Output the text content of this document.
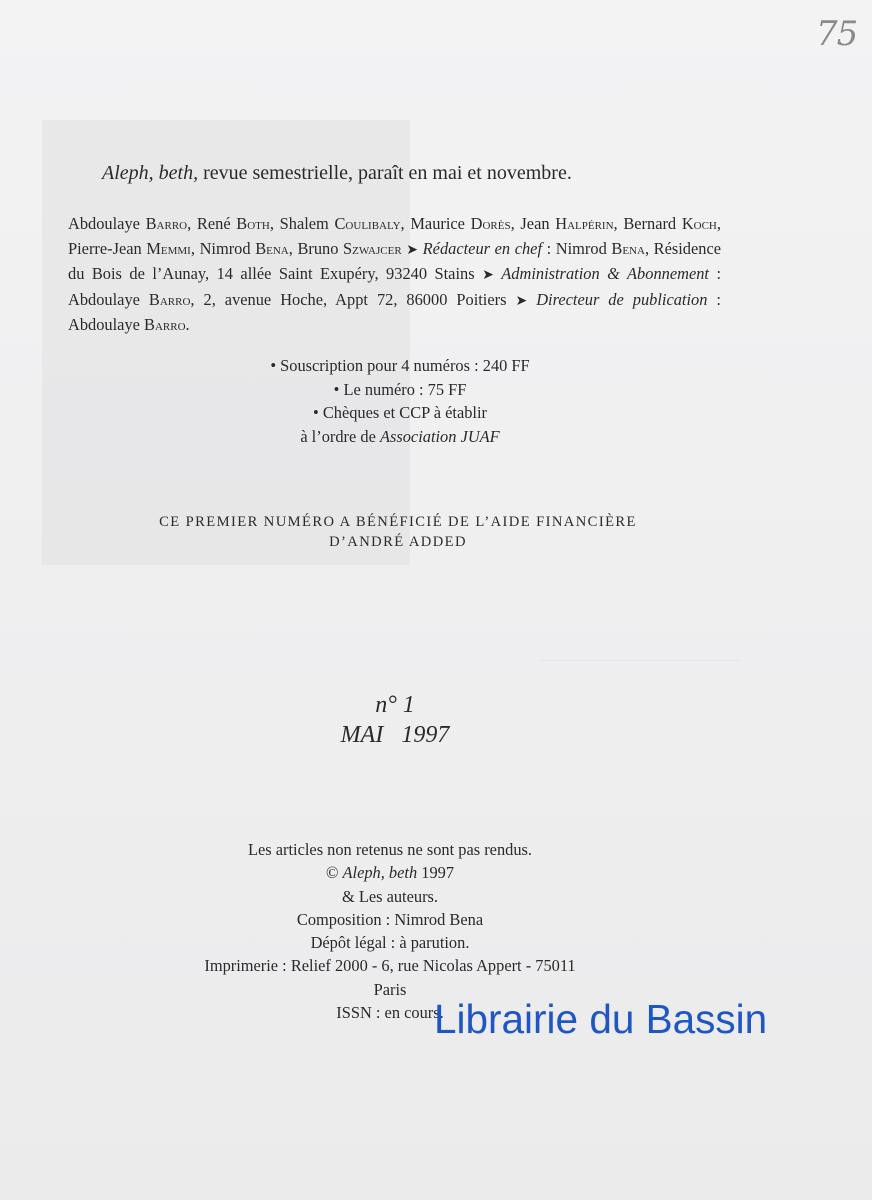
75
Aleph, beth, revue semestrielle, paraît en mai et novembre.
Abdoulaye Barro, René Both, Shalem Coulibaly, Maurice Dorès, Jean Halpérin, Bernard Koch, Pierre-Jean Memmi, Nimrod Bena, Bruno Szwajcer ➤ Rédacteur en chef : Nimrod Bena, Résidence du Bois de l’Aunay, 14 allée Saint Exupéry, 93240 Stains ➤ Administration & Abonnement : Abdoulaye Barro, 2, avenue Hoche, Appt 72, 86000 Poitiers ➤ Directeur de publication : Abdoulaye Barro.
• Souscription pour 4 numéros : 240 FF
• Le numéro : 75 FF
• Chèques et CCP à établir
à l’ordre de Association JUAF
CE PREMIER NUMÉRO A BÉNÉFICIÉ DE L’AIDE FINANCIÈRE
D’ANDRÉ ADDED
n° 1
MAI   1997
Les articles non retenus ne sont pas rendus.
© Aleph, beth 1997
& Les auteurs.
Composition : Nimrod Bena
Dépôt légal : à parution.
Imprimerie : Relief 2000 - 6, rue Nicolas Appert - 75011 Paris
ISSN : en cours.
Librairie du Bassin
